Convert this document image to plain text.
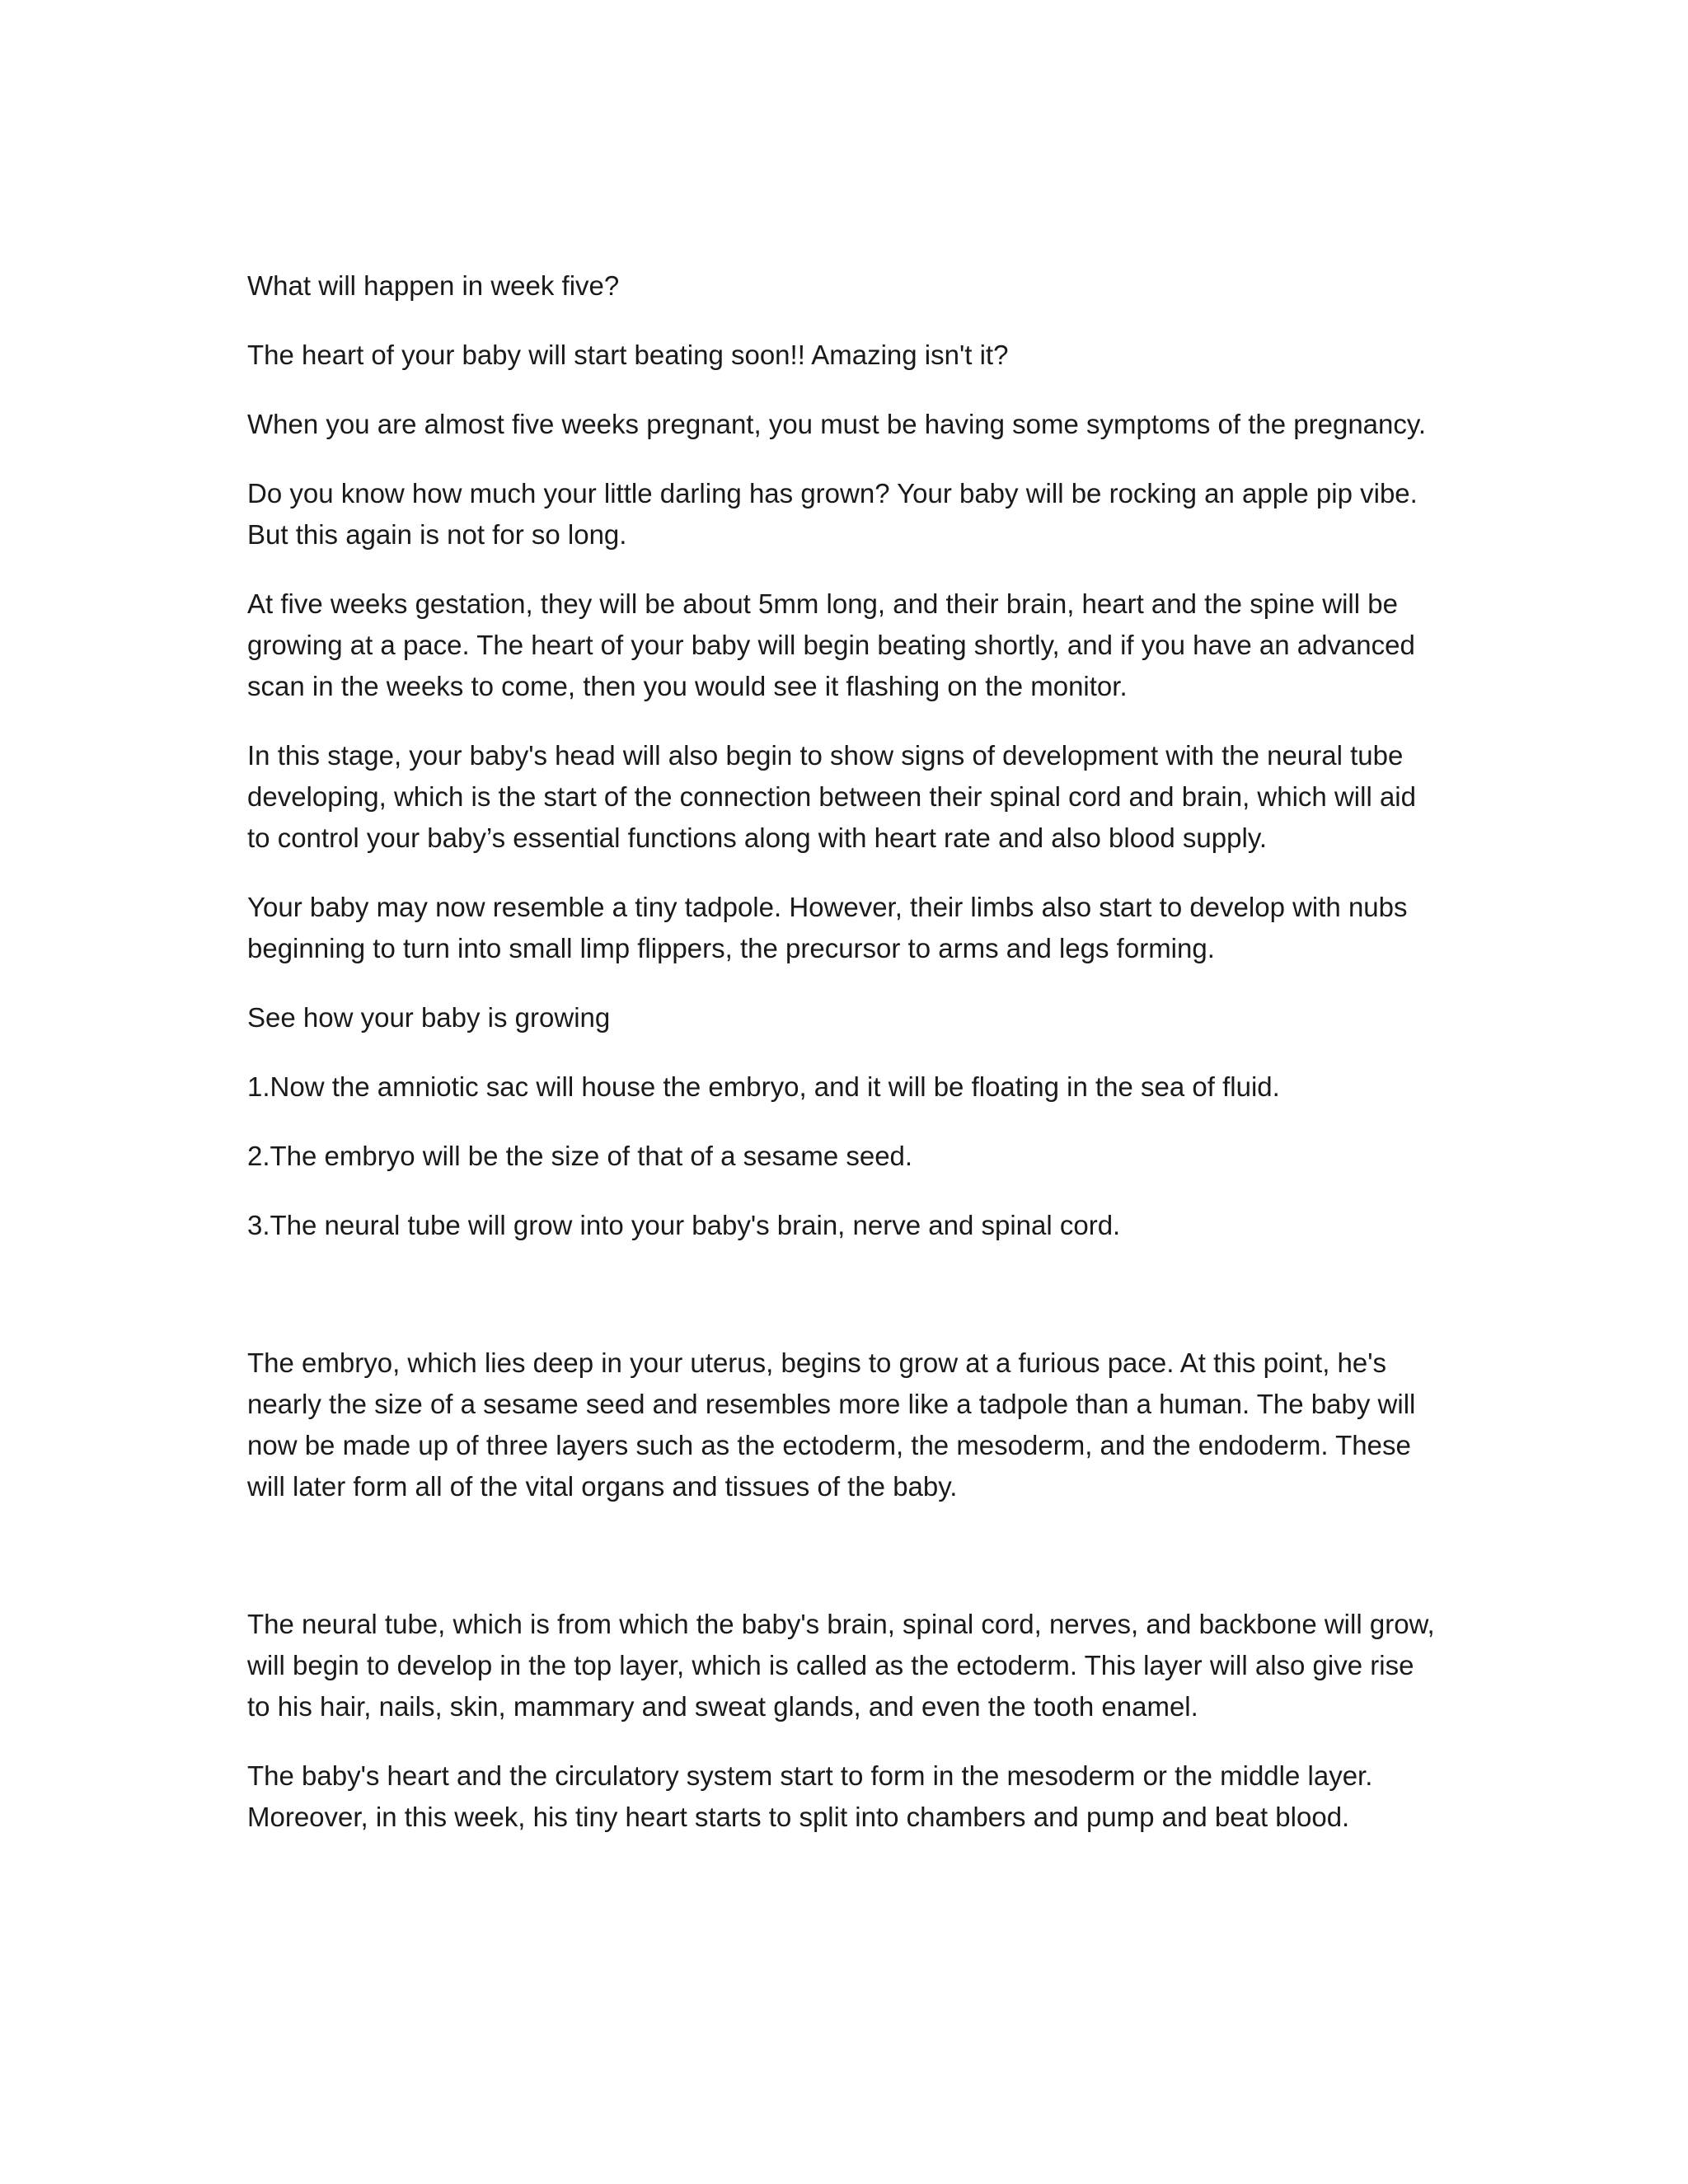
What will happen in week five?

The heart of your baby will start beating soon!! Amazing isn't it?

When you are almost five weeks pregnant, you must be having some symptoms of the pregnancy.

Do you know how much your little darling has grown? Your baby will be rocking an apple pip vibe. But this again is not for so long.

At five weeks gestation, they will be about 5mm long, and their brain, heart and the spine will be growing at a pace. The heart of your baby will begin beating shortly, and if you have an advanced scan in the weeks to come, then you would see it flashing on the monitor.

In this stage, your baby's head will also begin to show signs of development with the neural tube developing, which is the start of the connection between their spinal cord and brain, which will aid to control your baby’s essential functions along with heart rate and also blood supply.

Your baby may now resemble a tiny tadpole. However, their limbs also start to develop with nubs beginning to turn into small limp flippers, the precursor to arms and legs forming.

See how your baby is growing

1.Now the amniotic sac will house the embryo, and it will be floating in the sea of fluid.

2.The embryo will be the size of that of a sesame seed.

3.The neural tube will grow into your baby's brain, nerve and spinal cord.

The embryo, which lies deep in your uterus, begins to grow at a furious pace. At this point, he's nearly the size of a sesame seed and resembles more like a tadpole than a human. The baby will now be made up of three layers such as the ectoderm, the mesoderm, and the endoderm. These will later form all of the vital organs and tissues of the baby.

The neural tube, which is from which the baby's brain, spinal cord, nerves, and backbone will grow, will begin to develop in the top layer, which is called as the ectoderm. This layer will also give rise to his hair, nails, skin, mammary and sweat glands, and even the tooth enamel.

The baby's heart and the circulatory system start to form in the mesoderm or the middle layer. Moreover, in this week, his tiny heart starts to split into chambers and pump and beat blood.
